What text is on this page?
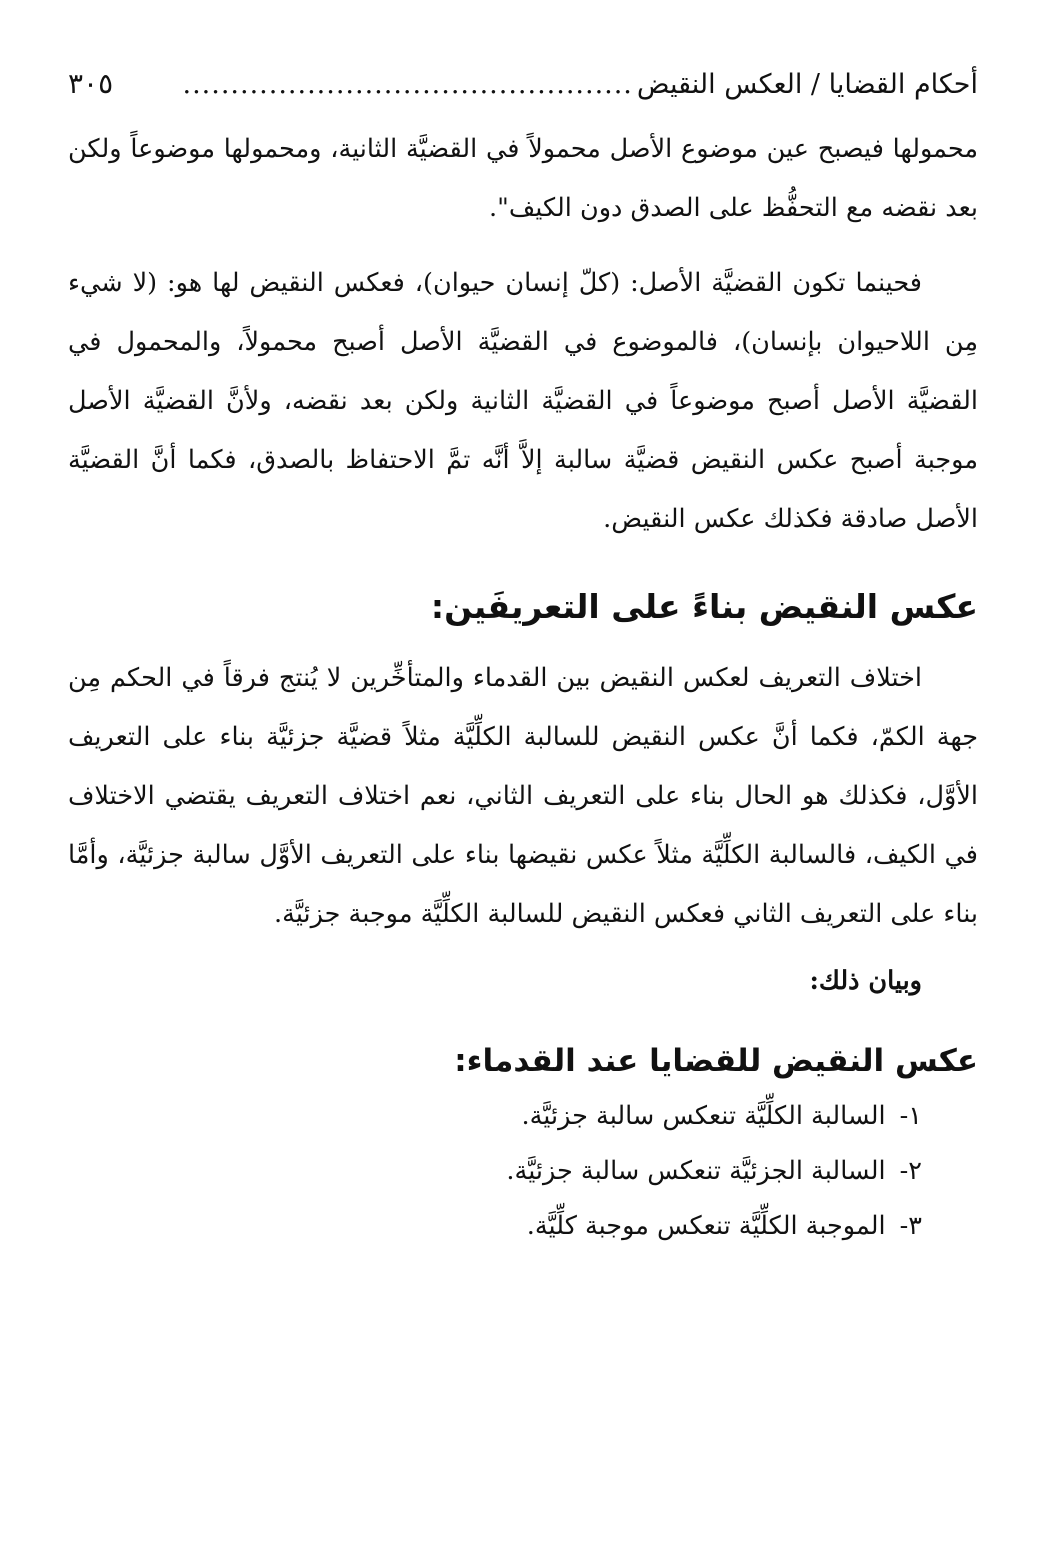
أحكام القضايا / العكس النقيض
...............................................
٣٠٥

محمولها فيصبح عين موضوع الأصل محمولاً في القضيَّة الثانية، ومحمولها موضوعاً ولكن بعد نقضه مع التحفُّظ على الصدق دون الكيف".

فحينما تكون القضيَّة الأصل: (كلّ إنسان حيوان)، فعكس النقيض لها هو: (لا شيء مِن اللاحيوان بإنسان)، فالموضوع في القضيَّة الأصل أصبح محمولاً، والمحمول في القضيَّة الأصل أصبح موضوعاً في القضيَّة الثانية ولكن بعد نقضه، ولأنَّ القضيَّة الأصل موجبة أصبح عكس النقيض قضيَّة سالبة إلاَّ أنَّه تمَّ الاحتفاظ بالصدق، فكما أنَّ القضيَّة الأصل صادقة فكذلك عكس النقيض.

عكس النقيض بناءً على التعريفَين:

اختلاف التعريف لعكس النقيض بين القدماء والمتأخِّرين لا يُنتج فرقاً في الحكم مِن جهة الكمّ، فكما أنَّ عكس النقيض للسالبة الكلِّيَّة مثلاً قضيَّة جزئيَّة بناء على التعريف الأوَّل، فكذلك هو الحال بناء على التعريف الثاني، نعم اختلاف التعريف يقتضي الاختلاف في الكيف، فالسالبة الكلِّيَّة مثلاً عكس نقيضها بناء على التعريف الأوَّل سالبة جزئيَّة، وأمَّا بناء على التعريف الثاني فعكس النقيض للسالبة الكلِّيَّة موجبة جزئيَّة.

وبيان ذلك:

عكس النقيض للقضايا عند القدماء:
١- السالبة الكلِّيَّة تنعكس سالبة جزئيَّة.
٢- السالبة الجزئيَّة تنعكس سالبة جزئيَّة.
٣- الموجبة الكلِّيَّة تنعكس موجبة كلِّيَّة.
